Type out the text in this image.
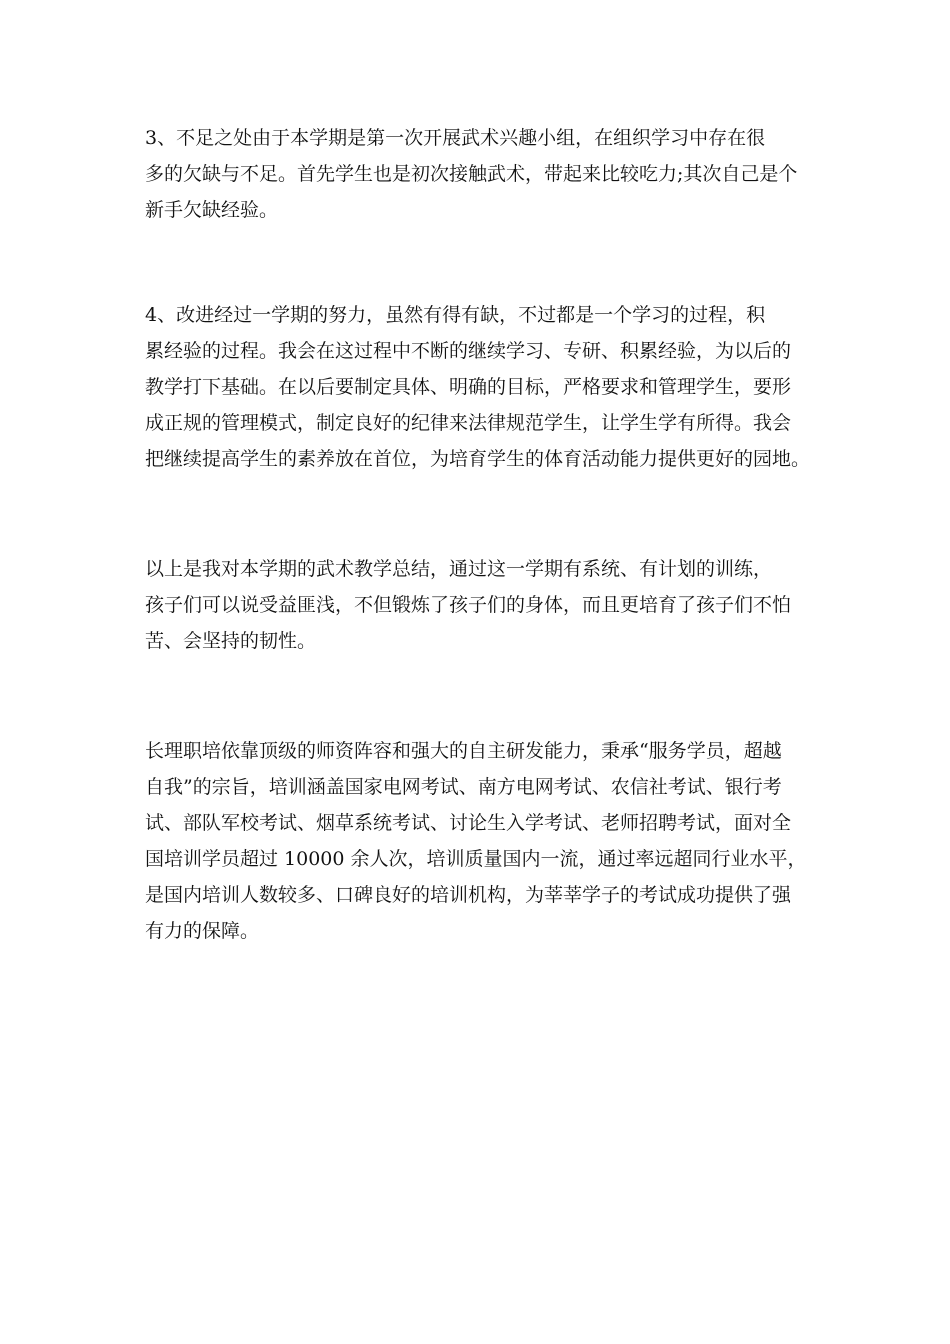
3、不足之处由于本学期是第一次开展武术兴趣小组，在组织学习中存在很
多的欠缺与不足。首先学生也是初次接触武术，带起来比较吃力;其次自己是个
新手欠缺经验。

4、改进经过一学期的努力，虽然有得有缺，不过都是一个学习的过程，积
累经验的过程。我会在这过程中不断的继续学习、专研、积累经验，为以后的
教学打下基础。在以后要制定具体、明确的目标，严格要求和管理学生，要形
成正规的管理模式，制定良好的纪律来法律规范学生，让学生学有所得。我会
把继续提高学生的素养放在首位，为培育学生的体育活动能力提供更好的园地。

以上是我对本学期的武术教学总结，通过这一学期有系统、有计划的训练，
孩子们可以说受益匪浅，不但锻炼了孩子们的身体，而且更培育了孩子们不怕
苦、会坚持的韧性。

长理职培依靠顶级的师资阵容和强大的自主研发能力，秉承“服务学员，超越
自我”的宗旨，培训涵盖国家电网考试、南方电网考试、农信社考试、银行考
试、部队军校考试、烟草系统考试、讨论生入学考试、老师招聘考试，面对全
国培训学员超过 10000 余人次，培训质量国内一流，通过率远超同行业水平，
是国内培训人数较多、口碑良好的培训机构，为莘莘学子的考试成功提供了强
有力的保障。
